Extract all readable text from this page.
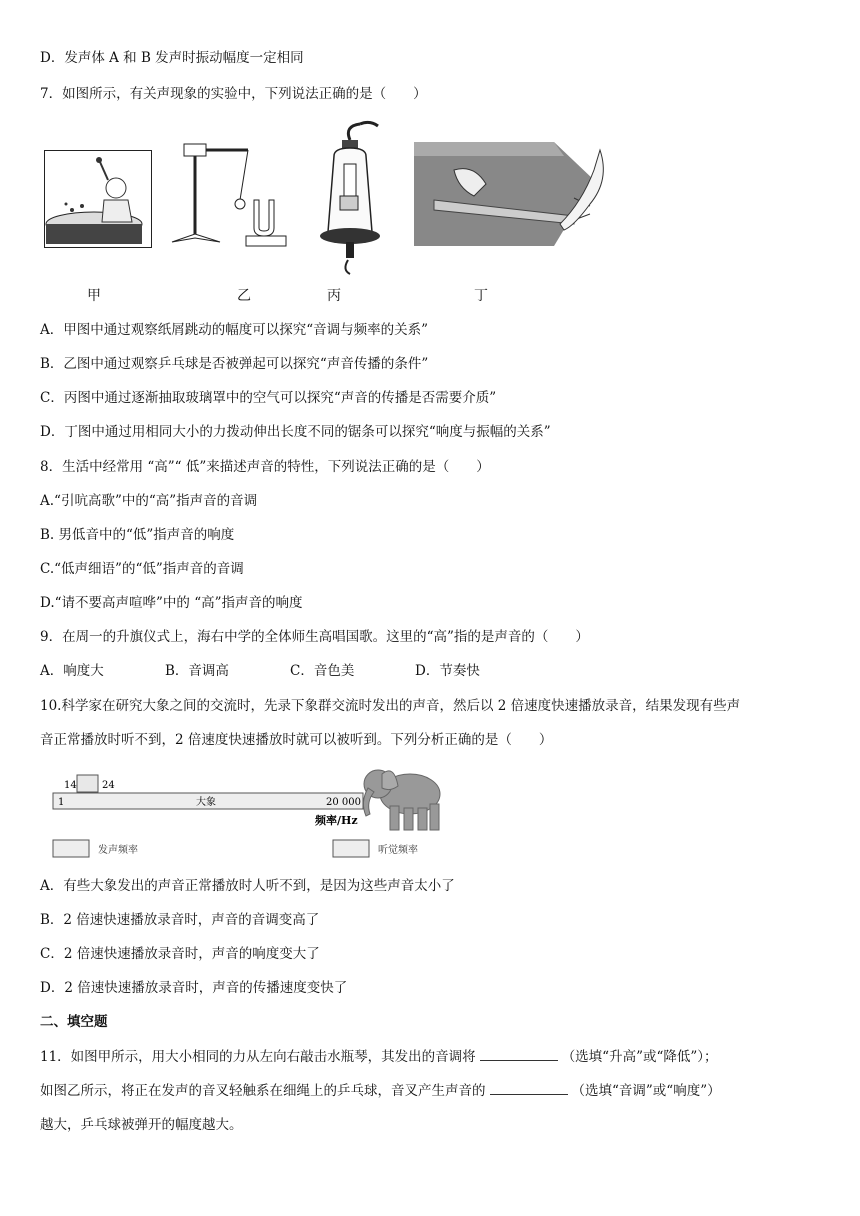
D．发声体 A 和 B 发声时振动幅度一定相同
7．如图所示，有关声现象的实验中，下列说法正确的是（　　）
甲	乙	丙	丁
A．甲图中通过观察纸屑跳动的幅度可以探究“音调与频率的关系”
B．乙图中通过观察乒乓球是否被弹起可以探究“声音传播的条件”
C．丙图中通过逐渐抽取玻璃罩中的空气可以探究“声音的传播是否需要介质”
D．丁图中通过用相同大小的力拨动伸出长度不同的锯条可以探究“响度与振幅的关系”
8．生活中经常用 “高”“ 低”来描述声音的特性，下列说法正确的是（　　）
A.“引吭高歌”中的“高”指声音的音调
B. 男低音中的“低”指声音的响度
C.“低声细语”的“低”指声音的音调
D.“请不要高声喧哗”中的 “高”指声音的响度
9．在周一的升旗仪式上，海右中学的全体师生高唱国歌。这里的“高”指的是声音的（　　）
A．响度大	B．音调高	C．音色美	D．节奏快
10.科学家在研究大象之间的交流时，先录下象群交流时发出的声音，然后以 2 倍速度快速播放录音，结果发现有些声
音正常播放时听不到，2 倍速度快速播放时就可以被听到。下列分析正确的是（　　）
14	24
1	大象	20 000
频率/Hz
发声频率	听觉频率
A．有些大象发出的声音正常播放时人听不到，是因为这些声音太小了
B．2 倍速快速播放录音时，声音的音调变高了
C．2 倍速快速播放录音时，声音的响度变大了
D．2 倍速快速播放录音时，声音的传播速度变快了
二、填空题
11．如图甲所示，用大小相同的力从左向右敲击水瓶琴，其发出的音调将	（选填“升高”或“降低”）；
如图乙所示，将正在发声的音叉轻触系在细绳上的乒乓球，音叉产生声音的	（选填“音调”或“响度”）
越大，乒乓球被弹开的幅度越大。
